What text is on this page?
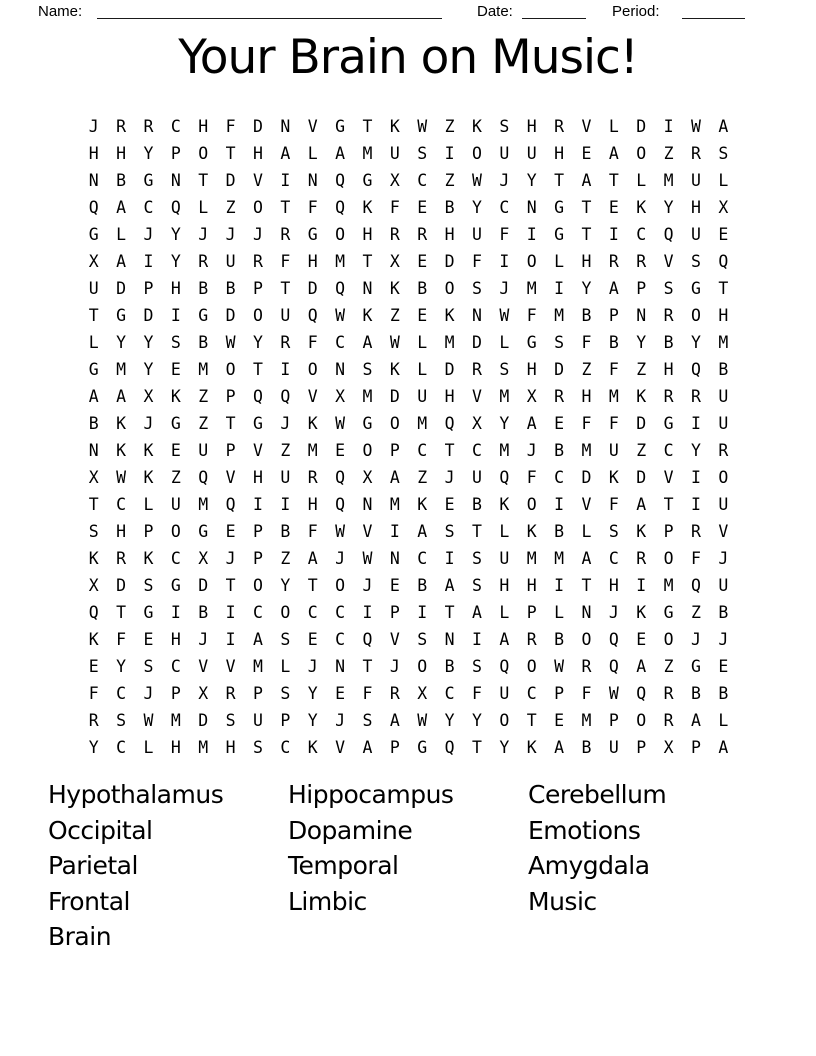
Name:	Date:	Period:
Your Brain on Music!
J	R	R	C	H	F	D	N	V	G	T	K	W	Z	K	S	H	R	V	L	D	I	W	A
H	H	Y	P	O	T	H	A	L	A	M	U	S	I	O	U	U	H	E	A	O	Z	R	S
N	B	G	N	T	D	V	I	N	Q	G	X	C	Z	W	J	Y	T	A	T	L	M	U	L
Q	A	C	Q	L	Z	O	T	F	Q	K	F	E	B	Y	C	N	G	T	E	K	Y	H	X
G	L	J	Y	J	J	J	R	G	O	H	R	R	H	U	F	I	G	T	I	C	Q	U	E
X	A	I	Y	R	U	R	F	H	M	T	X	E	D	F	I	O	L	H	R	R	V	S	Q
U	D	P	H	B	B	P	T	D	Q	N	K	B	O	S	J	M	I	Y	A	P	S	G	T
T	G	D	I	G	D	O	U	Q	W	K	Z	E	K	N	W	F	M	B	P	N	R	O	H
L	Y	Y	S	B	W	Y	R	F	C	A	W	L	M	D	L	G	S	F	B	Y	B	Y	M
G	M	Y	E	M	O	T	I	O	N	S	K	L	D	R	S	H	D	Z	F	Z	H	Q	B
A	A	X	K	Z	P	Q	Q	V	X	M	D	U	H	V	M	X	R	H	M	K	R	R	U
B	K	J	G	Z	T	G	J	K	W	G	O	M	Q	X	Y	A	E	F	F	D	G	I	U
N	K	K	E	U	P	V	Z	M	E	O	P	C	T	C	M	J	B	M	U	Z	C	Y	R
X	W	K	Z	Q	V	H	U	R	Q	X	A	Z	J	U	Q	F	C	D	K	D	V	I	O
T	C	L	U	M	Q	I	I	H	Q	N	M	K	E	B	K	O	I	V	F	A	T	I	U
S	H	P	O	G	E	P	B	F	W	V	I	A	S	T	L	K	B	L	S	K	P	R	V
K	R	K	C	X	J	P	Z	A	J	W	N	C	I	S	U	M	M	A	C	R	O	F	J
X	D	S	G	D	T	O	Y	T	O	J	E	B	A	S	H	H	I	T	H	I	M	Q	U
Q	T	G	I	B	I	C	O	C	C	I	P	I	T	A	L	P	L	N	J	K	G	Z	B
K	F	E	H	J	I	A	S	E	C	Q	V	S	N	I	A	R	B	O	Q	E	O	J	J
E	Y	S	C	V	V	M	L	J	N	T	J	O	B	S	Q	O	W	R	Q	A	Z	G	E
F	C	J	P	X	R	P	S	Y	E	F	R	X	C	F	U	C	P	F	W	Q	R	B	B
R	S	W	M	D	S	U	P	Y	J	S	A	W	Y	Y	O	T	E	M	P	O	R	A	L
Y	C	L	H	M	H	S	C	K	V	A	P	G	Q	T	Y	K	A	B	U	P	X	P	A
Hypothalamus
Occipital
Parietal
Frontal
Brain
Hippocampus
Dopamine
Temporal
Limbic
Cerebellum
Emotions
Amygdala
Music
